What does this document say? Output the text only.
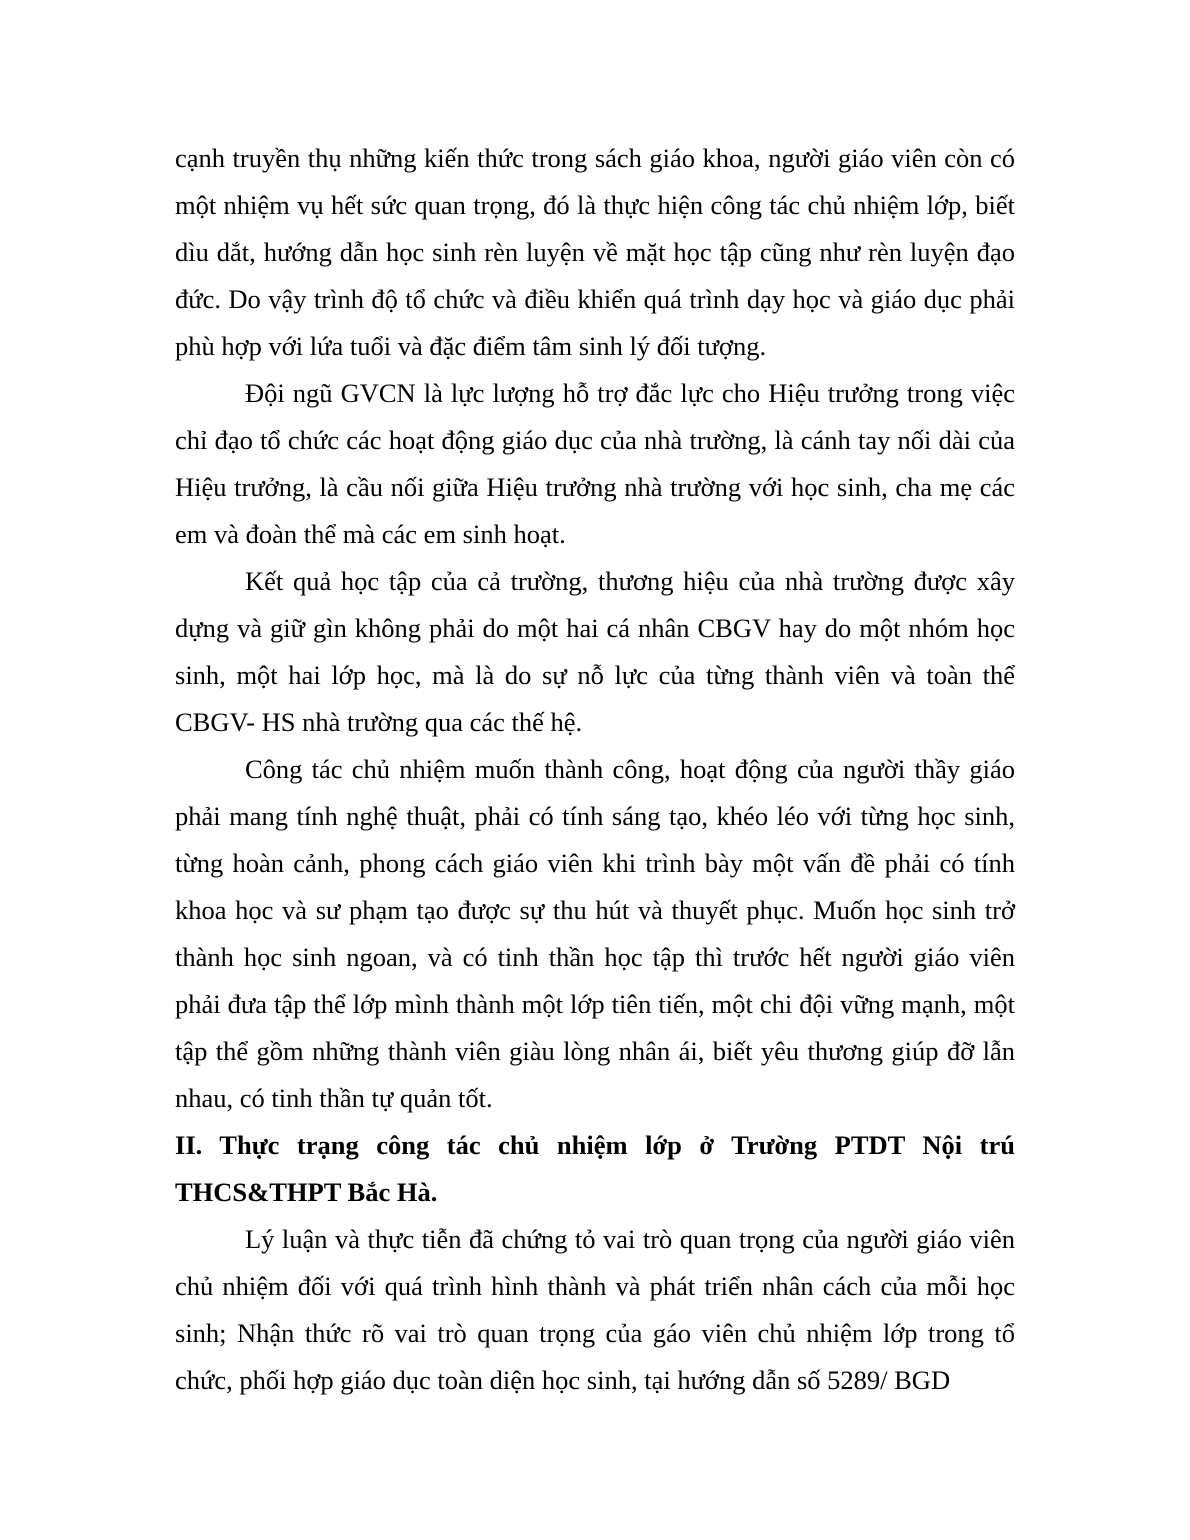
cạnh truyền thụ những kiến thức trong sách giáo khoa, người giáo viên còn có một nhiệm vụ hết sức quan trọng, đó là thực hiện công tác chủ nhiệm lớp, biết dìu dắt, hướng dẫn học sinh rèn luyện về mặt học tập cũng như rèn luyện đạo đức. Do vậy trình độ tổ chức và điều khiển quá trình dạy học và giáo dục phải phù hợp với lứa tuổi và đặc điểm tâm sinh lý đối tượng.

Đội ngũ GVCN là lực lượng hỗ trợ đắc lực cho Hiệu trưởng trong việc chỉ đạo tổ chức các hoạt động giáo dục của nhà trường, là cánh tay nối dài của Hiệu trưởng, là cầu nối giữa Hiệu trưởng nhà trường với học sinh, cha mẹ các em và đoàn thể mà các em sinh hoạt.

Kết quả học tập của cả trường, thương hiệu của nhà trường được xây dựng và giữ gìn không phải do một hai cá nhân CBGV hay do một nhóm học sinh, một hai lớp học, mà là do sự nỗ lực của từng thành viên và toàn thể CBGV- HS nhà trường qua các thế hệ.

Công tác chủ nhiệm muốn thành công, hoạt động của người thầy giáo phải mang tính nghệ thuật, phải có tính sáng tạo, khéo léo với từng học sinh, từng hoàn cảnh, phong cách giáo viên khi trình bày một vấn đề phải có tính khoa học và sư phạm tạo được sự thu hút và thuyết phục. Muốn học sinh trở thành học sinh ngoan, và có tinh thần học tập thì trước hết người giáo viên phải đưa tập thể lớp mình thành một lớp tiên tiến, một chi đội vững mạnh, một tập thể gồm những thành viên giàu lòng nhân ái, biết yêu thương giúp đỡ lẫn nhau, có tinh thần tự quản tốt.

II. Thực trạng công tác chủ nhiệm lớp ở Trường PTDT Nội trú THCS&THPT Bắc Hà.

Lý luận và thực tiễn đã chứng tỏ vai trò quan trọng của người giáo viên chủ nhiệm đối với quá trình hình thành và phát triển nhân cách của mỗi học sinh; Nhận thức rõ vai trò quan trọng của gáo viên chủ nhiệm lớp trong tổ chức, phối hợp giáo dục toàn diện học sinh, tại hướng dẫn số 5289/ BGD
